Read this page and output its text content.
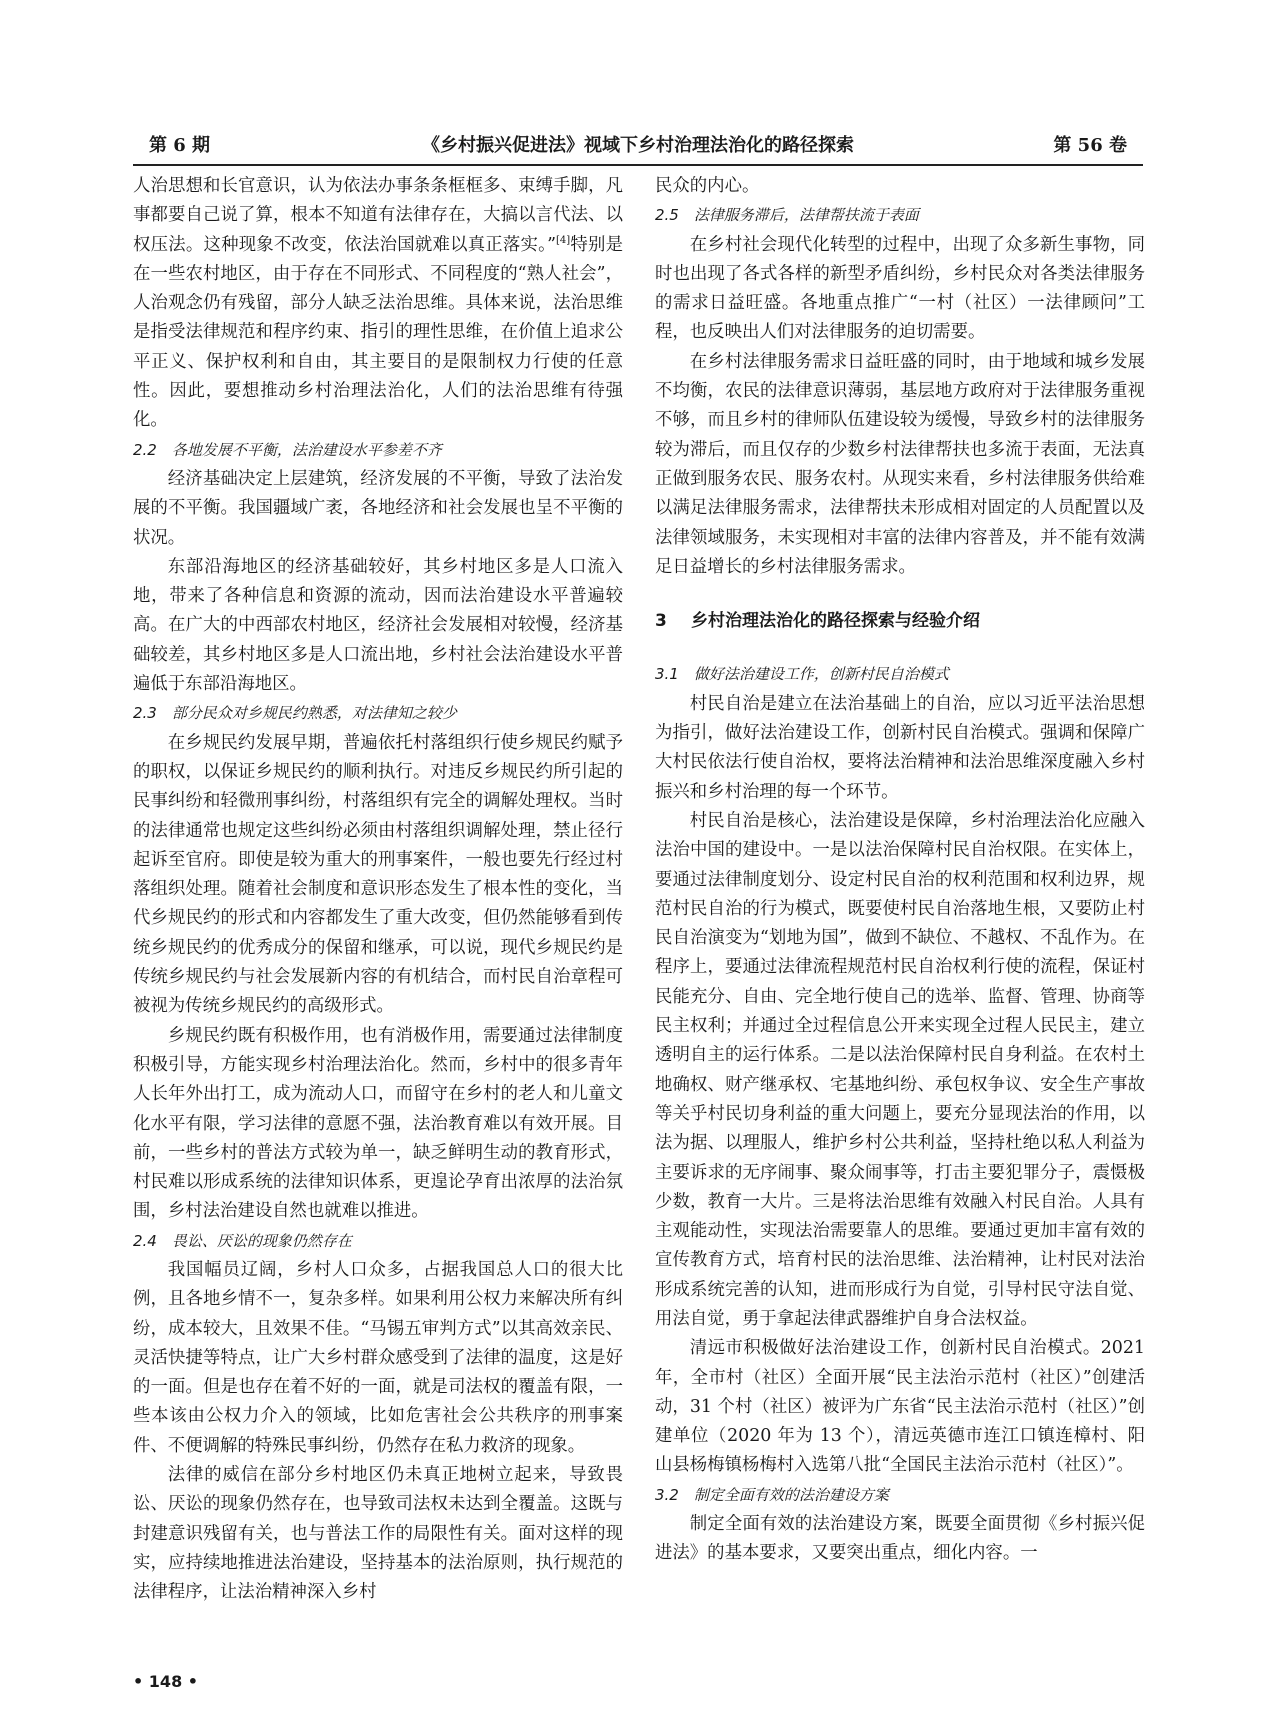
第 6 期	《乡村振兴促进法》视域下乡村治理法治化的路径探索	第 56 卷

人治思想和长官意识，认为依法办事条条框框多、束缚手脚，凡事都要自己说了算，根本不知道有法律存在，大搞以言代法、以权压法。这种现象不改变，依法治国就难以真正落实。”[4]特别是在一些农村地区，由于存在不同形式、不同程度的“熟人社会”，人治观念仍有残留，部分人缺乏法治思维。具体来说，法治思维是指受法律规范和程序约束、指引的理性思维，在价值上追求公平正义、保护权利和自由，其主要目的是限制权力行使的任意性。因此，要想推动乡村治理法治化，人们的法治思维有待强化。

2.2　各地发展不平衡，法治建设水平参差不齐

经济基础决定上层建筑，经济发展的不平衡，导致了法治发展的不平衡。我国疆域广袤，各地经济和社会发展也呈不平衡的状况。

东部沿海地区的经济基础较好，其乡村地区多是人口流入地，带来了各种信息和资源的流动，因而法治建设水平普遍较高。在广大的中西部农村地区，经济社会发展相对较慢，经济基础较差，其乡村地区多是人口流出地，乡村社会法治建设水平普遍低于东部沿海地区。

2.3　部分民众对乡规民约熟悉，对法律知之较少

在乡规民约发展早期，普遍依托村落组织行使乡规民约赋予的职权，以保证乡规民约的顺利执行。对违反乡规民约所引起的民事纠纷和轻微刑事纠纷，村落组织有完全的调解处理权。当时的法律通常也规定这些纠纷必须由村落组织调解处理，禁止径行起诉至官府。即使是较为重大的刑事案件，一般也要先行经过村落组织处理。随着社会制度和意识形态发生了根本性的变化，当代乡规民约的形式和内容都发生了重大改变，但仍然能够看到传统乡规民约的优秀成分的保留和继承，可以说，现代乡规民约是传统乡规民约与社会发展新内容的有机结合，而村民自治章程可被视为传统乡规民约的高级形式。

乡规民约既有积极作用，也有消极作用，需要通过法律制度积极引导，方能实现乡村治理法治化。然而，乡村中的很多青年人长年外出打工，成为流动人口，而留守在乡村的老人和儿童文化水平有限，学习法律的意愿不强，法治教育难以有效开展。目前，一些乡村的普法方式较为单一，缺乏鲜明生动的教育形式，村民难以形成系统的法律知识体系，更遑论孕育出浓厚的法治氛围，乡村法治建设自然也就难以推进。

2.4　畏讼、厌讼的现象仍然存在

我国幅员辽阔，乡村人口众多，占据我国总人口的很大比例，且各地乡情不一，复杂多样。如果利用公权力来解决所有纠纷，成本较大，且效果不佳。“马锡五审判方式”以其高效亲民、灵活快捷等特点，让广大乡村群众感受到了法律的温度，这是好的一面。但是也存在着不好的一面，就是司法权的覆盖有限，一些本该由公权力介入的领域，比如危害社会公共秩序的刑事案件、不便调解的特殊民事纠纷，仍然存在私力救济的现象。

法律的威信在部分乡村地区仍未真正地树立起来，导致畏讼、厌讼的现象仍然存在，也导致司法权未达到全覆盖。这既与封建意识残留有关，也与普法工作的局限性有关。面对这样的现实，应持续地推进法治建设，坚持基本的法治原则，执行规范的法律程序，让法治精神深入乡村

民众的内心。

2.5　法律服务滞后，法律帮扶流于表面

在乡村社会现代化转型的过程中，出现了众多新生事物，同时也出现了各式各样的新型矛盾纠纷，乡村民众对各类法律服务的需求日益旺盛。各地重点推广“一村（社区）一法律顾问”工程，也反映出人们对法律服务的迫切需要。

在乡村法律服务需求日益旺盛的同时，由于地域和城乡发展不均衡，农民的法律意识薄弱，基层地方政府对于法律服务重视不够，而且乡村的律师队伍建设较为缓慢，导致乡村的法律服务较为滞后，而且仅存的少数乡村法律帮扶也多流于表面，无法真正做到服务农民、服务农村。从现实来看，乡村法律服务供给难以满足法律服务需求，法律帮扶未形成相对固定的人员配置以及法律领域服务，未实现相对丰富的法律内容普及，并不能有效满足日益增长的乡村法律服务需求。

3 乡村治理法治化的路径探索与经验介绍
3.1　做好法治建设工作，创新村民自治模式

村民自治是建立在法治基础上的自治，应以习近平法治思想为指引，做好法治建设工作，创新村民自治模式。强调和保障广大村民依法行使自治权，要将法治精神和法治思维深度融入乡村振兴和乡村治理的每一个环节。

村民自治是核心，法治建设是保障，乡村治理法治化应融入法治中国的建设中。一是以法治保障村民自治权限。在实体上，要通过法律制度划分、设定村民自治的权利范围和权利边界，规范村民自治的行为模式，既要使村民自治落地生根，又要防止村民自治演变为“划地为国”，做到不缺位、不越权、不乱作为。在程序上，要通过法律流程规范村民自治权利行使的流程，保证村民能充分、自由、完全地行使自己的选举、监督、管理、协商等民主权利；并通过全过程信息公开来实现全过程人民民主，建立透明自主的运行体系。二是以法治保障村民自身利益。在农村土地确权、财产继承权、宅基地纠纷、承包权争议、安全生产事故等关乎村民切身利益的重大问题上，要充分显现法治的作用，以法为据、以理服人，维护乡村公共利益，坚持杜绝以私人利益为主要诉求的无序闹事、聚众闹事等，打击主要犯罪分子，震慑极少数，教育一大片。三是将法治思维有效融入村民自治。人具有主观能动性，实现法治需要靠人的思维。要通过更加丰富有效的宣传教育方式，培育村民的法治思维、法治精神，让村民对法治形成系统完善的认知，进而形成行为自觉，引导村民守法自觉、用法自觉，勇于拿起法律武器维护自身合法权益。

清远市积极做好法治建设工作，创新村民自治模式。2021 年，全市村（社区）全面开展“民主法治示范村（社区）”创建活动，31 个村（社区）被评为广东省“民主法治示范村（社区）”创建单位（2020 年为 13 个），清远英德市连江口镇连樟村、阳山县杨梅镇杨梅村入选第八批“全国民主法治示范村（社区）”。

3.2　制定全面有效的法治建设方案

制定全面有效的法治建设方案，既要全面贯彻《乡村振兴促进法》的基本要求，又要突出重点，细化内容。一

• 148 •
